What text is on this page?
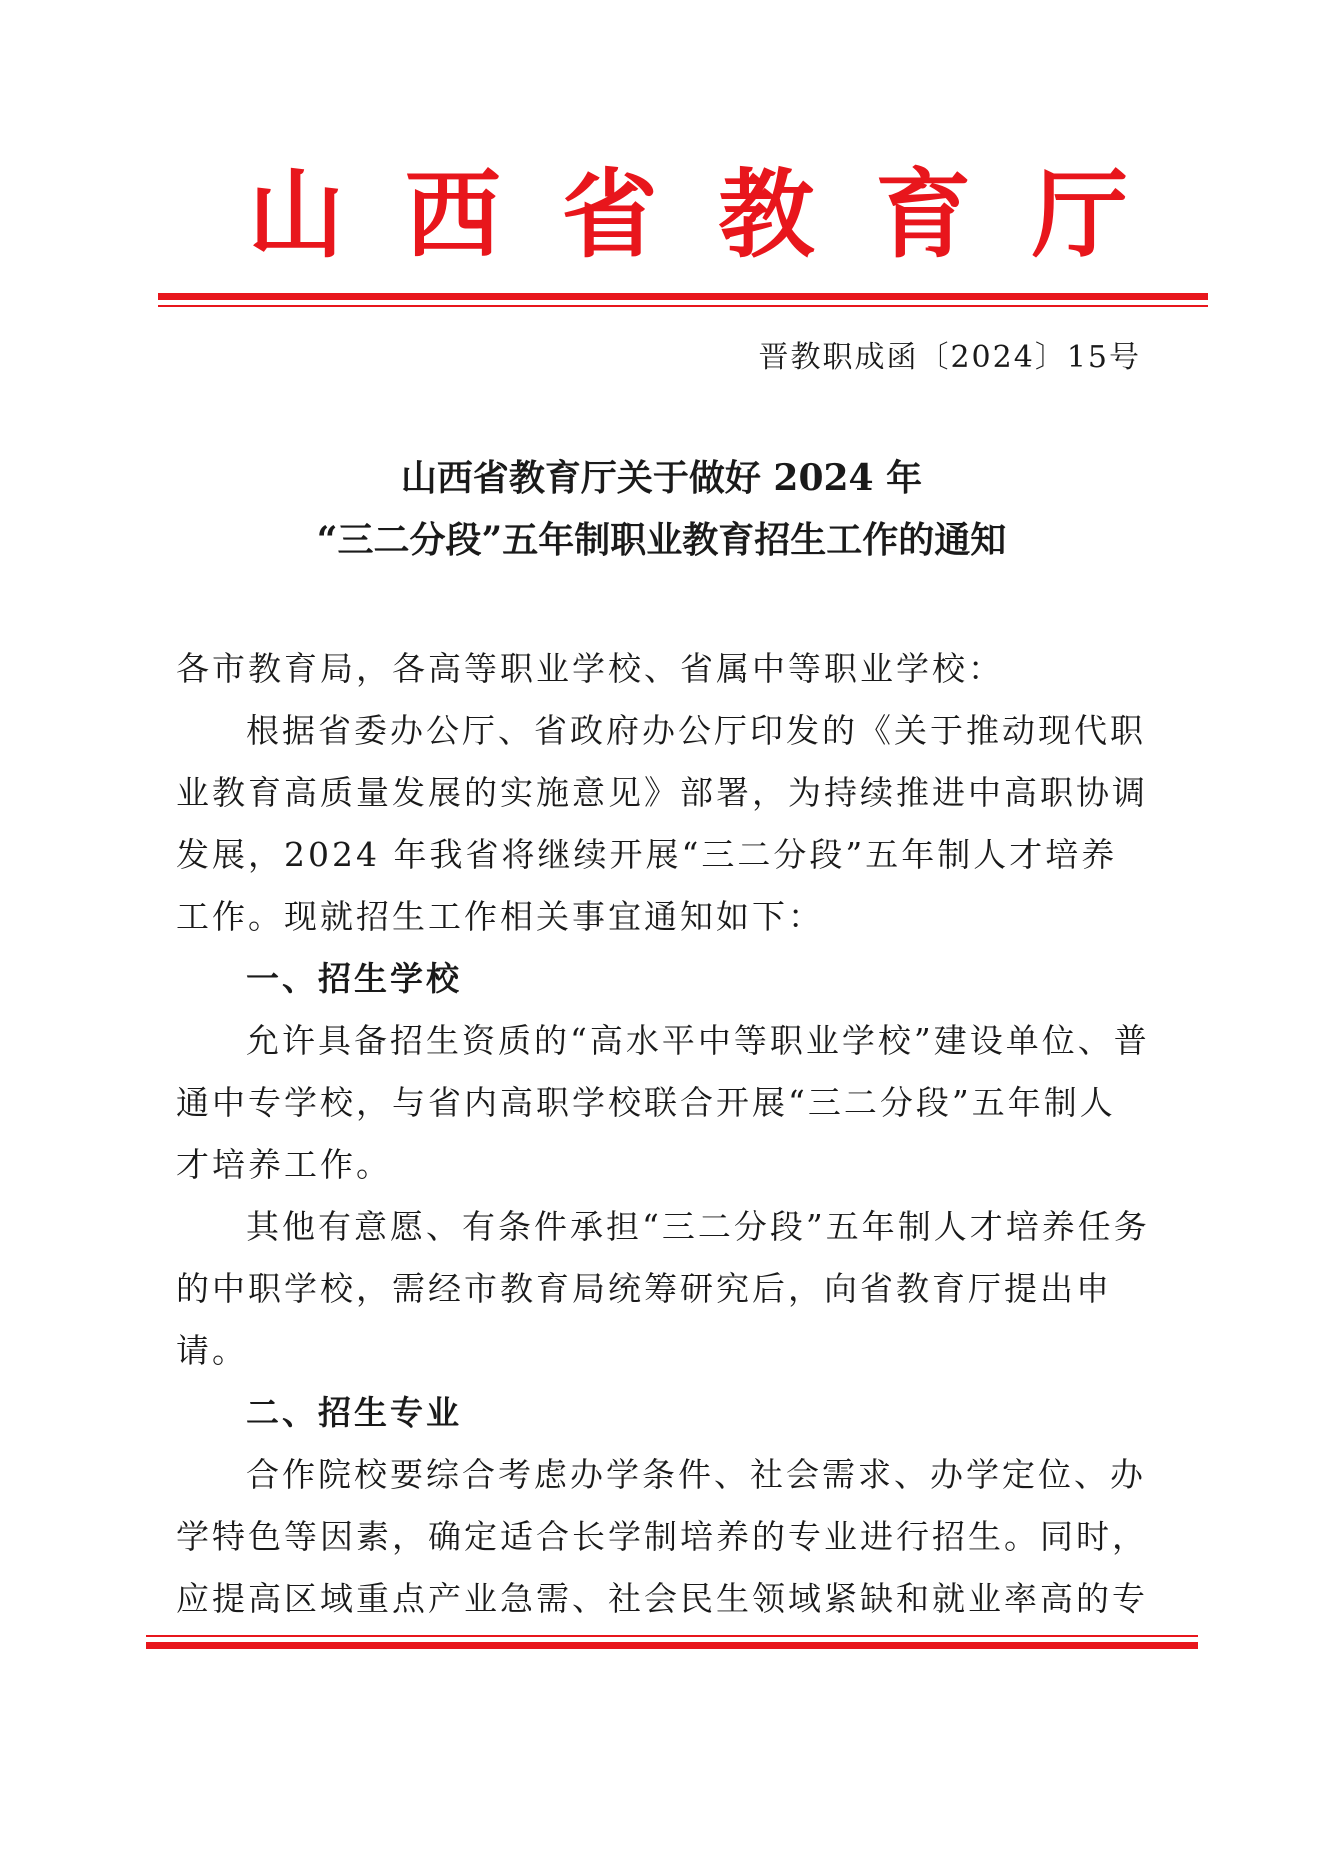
山 西 省 教 育 厅
晋教职成函〔2024〕15号
山西省教育厅关于做好 2024 年
“三二分段”五年制职业教育招生工作的通知

各市教育局，各高等职业学校、省属中等职业学校：

根据省委办公厅、省政府办公厅印发的《关于推动现代职业教育高质量发展的实施意见》部署，为持续推进中高职协调发展，2024 年我省将继续开展“三二分段”五年制人才培养工作。现就招生工作相关事宜通知如下：

一、招生学校

允许具备招生资质的“高水平中等职业学校”建设单位、普通中专学校，与省内高职学校联合开展“三二分段”五年制人才培养工作。

其他有意愿、有条件承担“三二分段”五年制人才培养任务的中职学校，需经市教育局统筹研究后，向省教育厅提出申请。

二、招生专业

合作院校要综合考虑办学条件、社会需求、办学定位、办学特色等因素，确定适合长学制培养的专业进行招生。同时，应提高区域重点产业急需、社会民生领域紧缺和就业率高的专
